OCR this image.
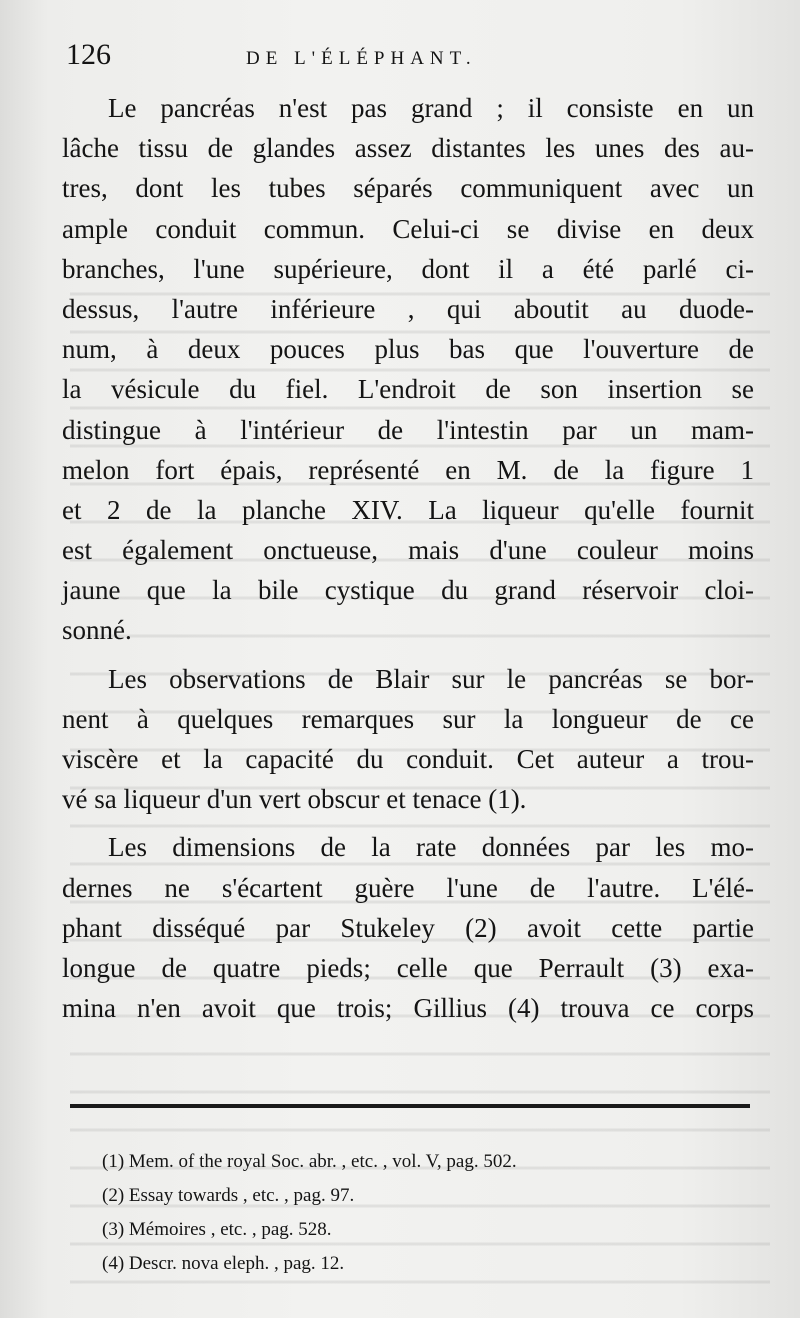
126	DE L'ÉLÉPHANT.
Le pancréas n'est pas grand ; il consiste en un
lâche tissu de glandes assez distantes les unes des au-
tres, dont les tubes séparés communiquent avec un
ample conduit commun. Celui-ci se divise en deux
branches, l'une supérieure, dont il a été parlé ci-
dessus, l'autre inférieure , qui aboutit au duode-
num, à deux pouces plus bas que l'ouverture de
la vésicule du fiel. L'endroit de son insertion se
distingue à l'intérieur de l'intestin par un mam-
melon fort épais, représenté en M. de la figure 1
et 2 de la planche XIV. La liqueur qu'elle fournit
est également onctueuse, mais d'une couleur moins
jaune que la bile cystique du grand réservoir cloi-
sonné.
Les observations de Blair sur le pancréas se bor-
nent à quelques remarques sur la longueur de ce
viscère et la capacité du conduit. Cet auteur a trou-
vé sa liqueur d'un vert obscur et tenace (1).
Les dimensions de la rate données par les mo-
dernes ne s'écartent guère l'une de l'autre. L'élé-
phant disséqué par Stukeley (2) avoit cette partie
longue de quatre pieds; celle que Perrault (3) exa-
mina n'en avoit que trois; Gillius (4) trouva ce corps
(1) Mem. of the royal Soc. abr. , etc. , vol. V, pag. 502.
(2) Essay towards , etc. , pag. 97.
(3) Mémoires , etc. , pag. 528.
(4) Descr. nova eleph. , pag. 12.
